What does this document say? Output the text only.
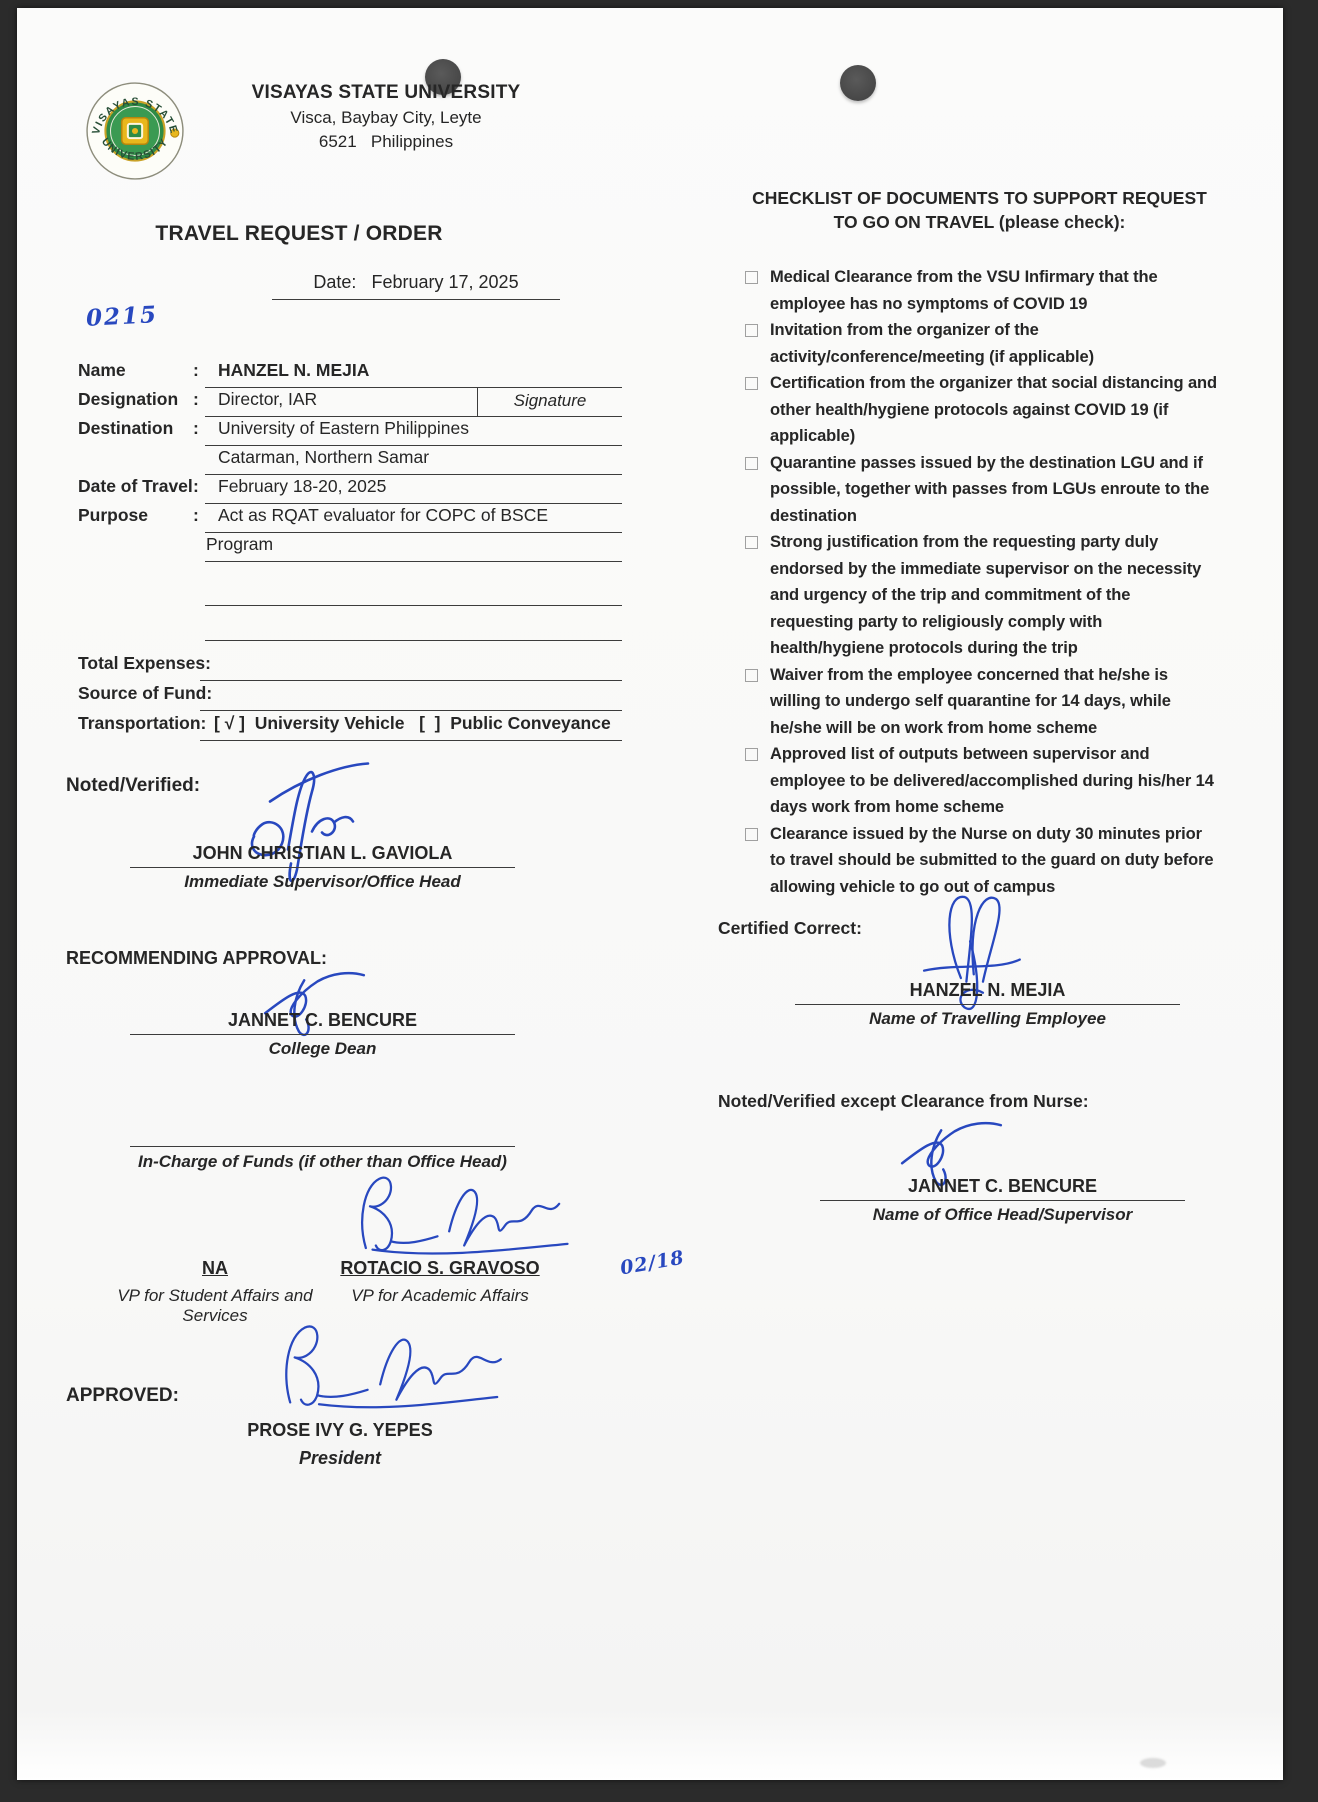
VISAYAS STATE
UNIVERSITY
VISAYAS STATE UNIVERSITY
Visca, Baybay City, Leyte
6521   Philippines
TRAVEL REQUEST / ORDER
Date: February 17, 2025
0215
Name	: HANZEL N. MEJIA
Designation : Director, IAR	Signature
Destination : University of Eastern Philippines
Catarman, Northern Samar
Date of Travel : February 18-20, 2025
Purpose	: Act as RQAT evaluator for COPC of BSCE
Program
Total Expenses:
Source of Fund:
Transportation: [ √ ]  University Vehicle   [  ]  Public Conveyance
Noted/Verified:
JOHN CHRISTIAN L. GAVIOLA
Immediate Supervisor/Office Head
RECOMMENDING APPROVAL:
JANNET C. BENCURE
College Dean
In-Charge of Funds (if other than Office Head)
NA
VP for Student Affairs and Services
ROTACIO S. GRAVOSO
VP for Academic Affairs
02/18
APPROVED:
PROSE IVY G. YEPES
President
CHECKLIST OF DOCUMENTS TO SUPPORT REQUEST
TO GO ON TRAVEL (please check):
Medical Clearance from the VSU Infirmary that the employee has no symptoms of COVID 19
Invitation from the organizer of the activity/conference/meeting (if applicable)
Certification from the organizer that social distancing and other health/hygiene protocols against COVID 19 (if applicable)
Quarantine passes issued by the destination LGU and if possible, together with passes from LGUs enroute to the destination
Strong justification from the requesting party duly endorsed by the immediate supervisor on the necessity and urgency of the trip and commitment of the requesting party to religiously comply with health/hygiene protocols during the trip
Waiver from the employee concerned that he/she is willing to undergo self quarantine for 14 days, while he/she will be on work from home scheme
Approved list of outputs between supervisor and employee to be delivered/accomplished during his/her 14 days work from home scheme
Clearance issued by the Nurse on duty 30 minutes prior to travel should be submitted to the guard on duty before allowing vehicle to go out of campus
Certified Correct:
HANZEL N. MEJIA
Name of Travelling Employee
Noted/Verified except Clearance from Nurse:
JANNET C. BENCURE
Name of Office Head/Supervisor
